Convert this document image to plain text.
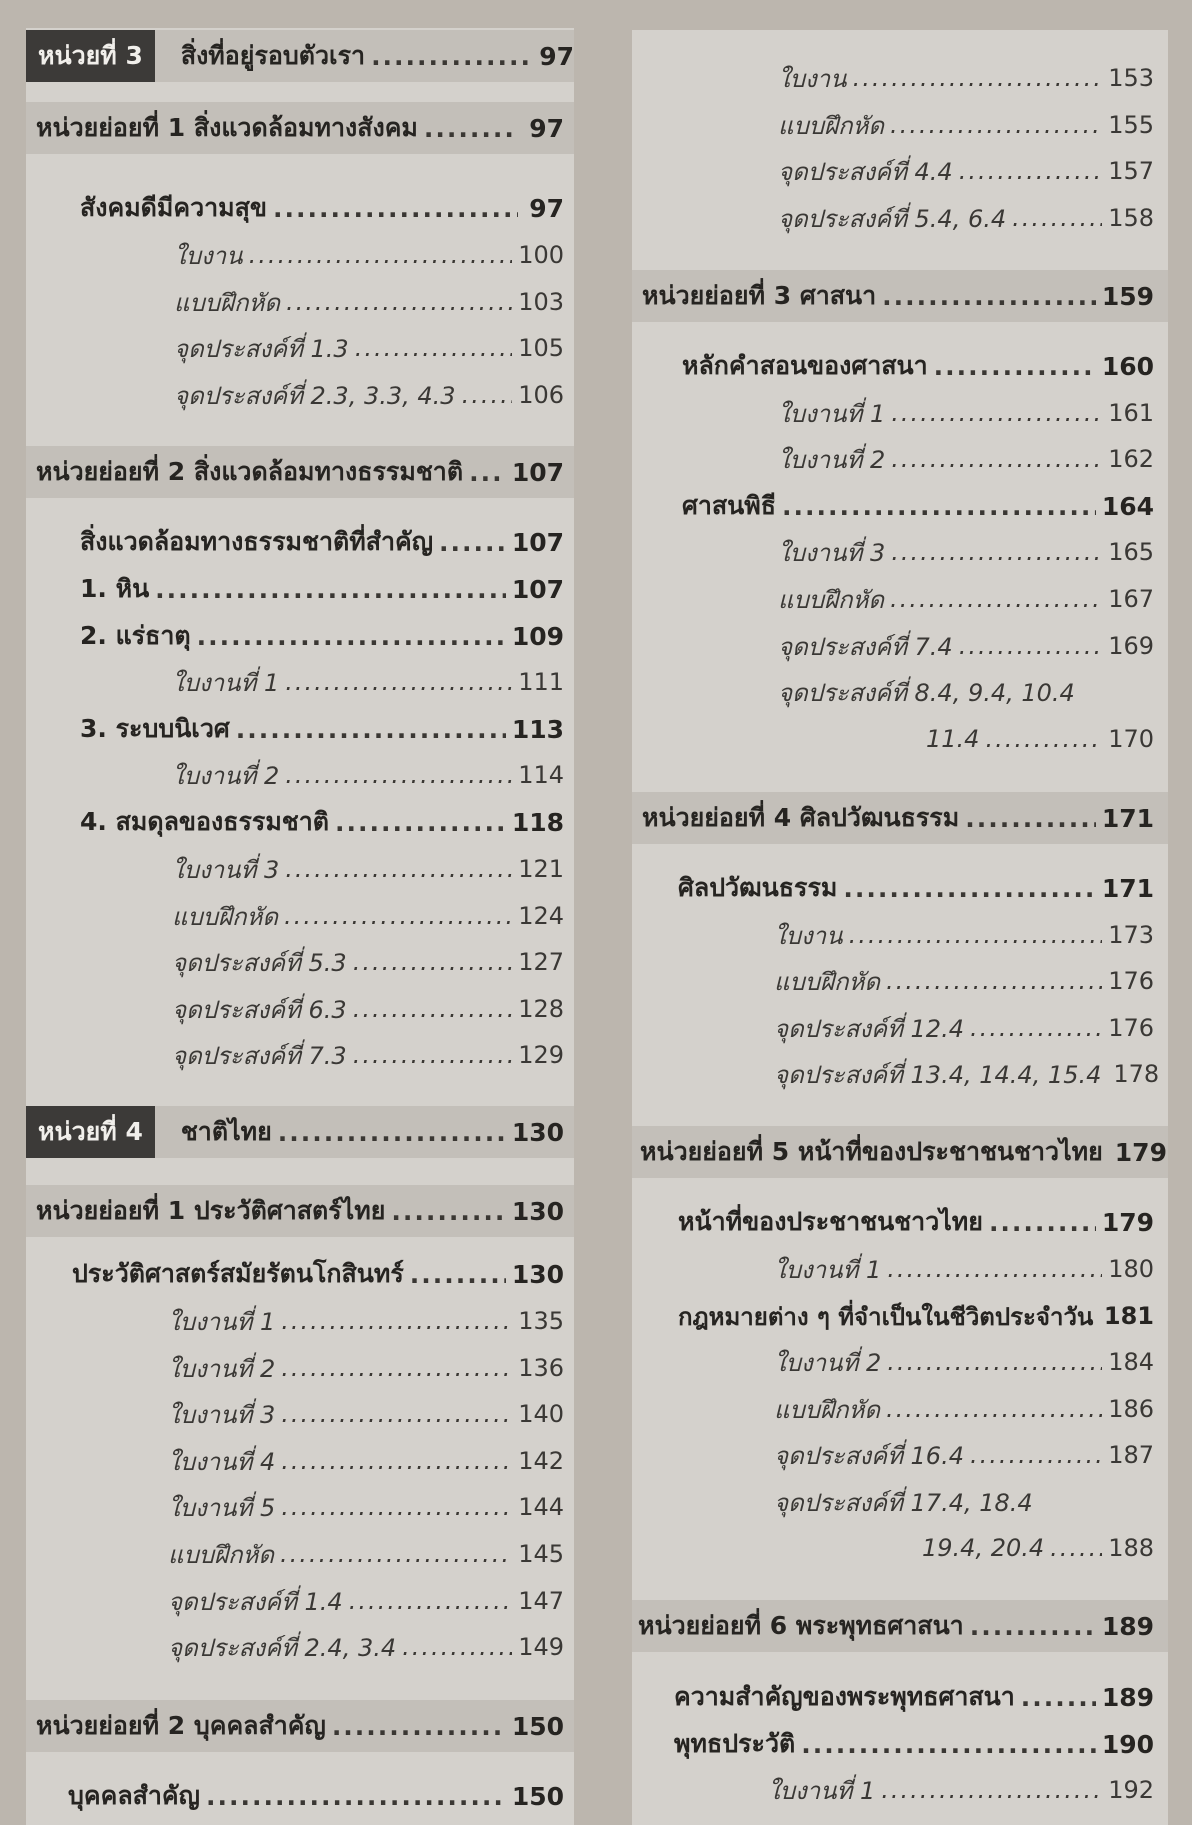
หน่วยที่ 3	สิ่งที่อยู่รอบตัวเรา .....	97
หน่วยย่อยที่ 1 สิ่งแวดล้อมทางสังคม .....	97
สังคมดีมีความสุข .....	97
ใบงาน .....	100
แบบฝึกหัด .....	103
จุดประสงค์ที่ 1.3 .....	105
จุดประสงค์ที่ 2.3, 3.3, 4.3 .....	106
หน่วยย่อยที่ 2 สิ่งแวดล้อมทางธรรมชาติ ..... 107
สิ่งแวดล้อมทางธรรมชาติที่สำคัญ .....	107
1. หิน .....	107
2. แร่ธาตุ .....	109
ใบงานที่ 1 .....	111
3. ระบบนิเวศ .....	113
ใบงานที่ 2 .....	114
4. สมดุลของธรรมชาติ .....	118
ใบงานที่ 3 .....	121
แบบฝึกหัด .....	124
จุดประสงค์ที่ 5.3 .....	127
จุดประสงค์ที่ 6.3 .....	128
จุดประสงค์ที่ 7.3 .....	129
หน่วยที่ 4	ชาติไทย .....	130
หน่วยย่อยที่ 1 ประวัติศาสตร์ไทย .....	130
ประวัติศาสตร์สมัยรัตนโกสินทร์ .....	130
ใบงานที่ 1 .....	135
ใบงานที่ 2 .....	136
ใบงานที่ 3 .....	140
ใบงานที่ 4 .....	142
ใบงานที่ 5 .....	144
แบบฝึกหัด .....	145
จุดประสงค์ที่ 1.4 .....	147
จุดประสงค์ที่ 2.4, 3.4 .....	149
หน่วยย่อยที่ 2 บุคคลสำคัญ .....	150
บุคคลสำคัญ .....	150
ใบงาน .....	153
แบบฝึกหัด .....	155
จุดประสงค์ที่ 4.4 .....	157
จุดประสงค์ที่ 5.4, 6.4 .....	158
หน่วยย่อยที่ 3 ศาสนา .....	159
หลักคำสอนของศาสนา .....	160
ใบงานที่ 1 .....	161
ใบงานที่ 2 .....	162
ศาสนพิธี .....	164
ใบงานที่ 3 .....	165
แบบฝึกหัด .....	167
จุดประสงค์ที่ 7.4 .....	169
จุดประสงค์ที่ 8.4, 9.4, 10.4
11.4 .....	170
หน่วยย่อยที่ 4 ศิลปวัฒนธรรม .....	171
ศิลปวัฒนธรรม .....	171
ใบงาน .....	173
แบบฝึกหัด .....	176
จุดประสงค์ที่ 12.4 .....	176
จุดประสงค์ที่ 13.4, 14.4, 15.4 178
หน่วยย่อยที่ 5 หน้าที่ของประชาชนชาวไทย 179
หน้าที่ของประชาชนชาวไทย .....	179
ใบงานที่ 1 .....	180
กฎหมายต่าง ๆ ที่จำเป็นในชีวิตประจำวัน 181
ใบงานที่ 2 .....	184
แบบฝึกหัด .....	186
จุดประสงค์ที่ 16.4 .....	187
จุดประสงค์ที่ 17.4, 18.4
19.4, 20.4 .....	188
หน่วยย่อยที่ 6 พระพุทธศาสนา .....	189
ความสำคัญของพระพุทธศาสนา .....	189
พุทธประวัติ .....	190
ใบงานที่ 1 .....	192
